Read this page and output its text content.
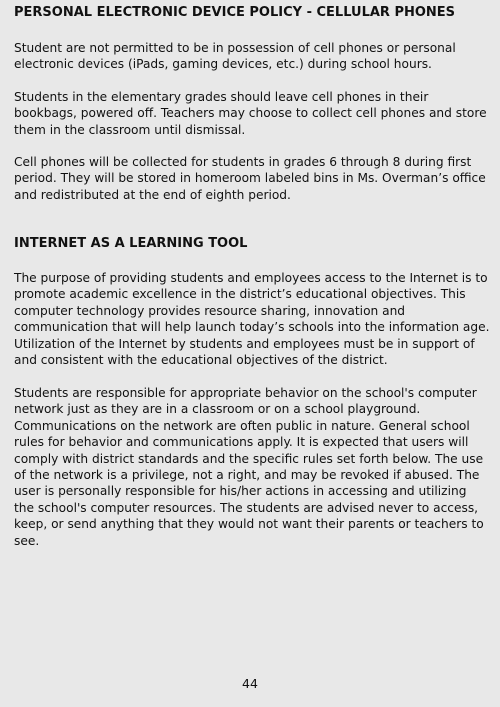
PERSONAL ELECTRONIC DEVICE POLICY - CELLULAR PHONES

Student are not permitted to be in possession of cell phones or personal electronic devices (iPads, gaming devices, etc.) during school hours.

Students in the elementary grades should leave cell phones in their bookbags, powered off. Teachers may choose to collect cell phones and store them in the classroom until dismissal.

Cell phones will be collected for students in grades 6 through 8 during first period. They will be stored in homeroom labeled bins in Ms. Overman’s office and redistributed at the end of eighth period.

INTERNET AS A LEARNING TOOL

The purpose of providing students and employees access to the Internet is to promote academic excellence in the district’s educational objectives. This computer technology provides resource sharing, innovation and communication that will help launch today’s schools into the information age. Utilization of the Internet by students and employees must be in support of and consistent with the educational objectives of the district.

Students are responsible for appropriate behavior on the school's computer network just as they are in a classroom or on a school playground. Communications on the network are often public in nature. General school rules for behavior and communications apply. It is expected that users will comply with district standards and the specific rules set forth below. The use of the network is a privilege, not a right, and may be revoked if abused. The user is personally responsible for his/her actions in accessing and utilizing the school's computer resources. The students are advised never to access, keep, or send anything that they would not want their parents or teachers to see.

44
